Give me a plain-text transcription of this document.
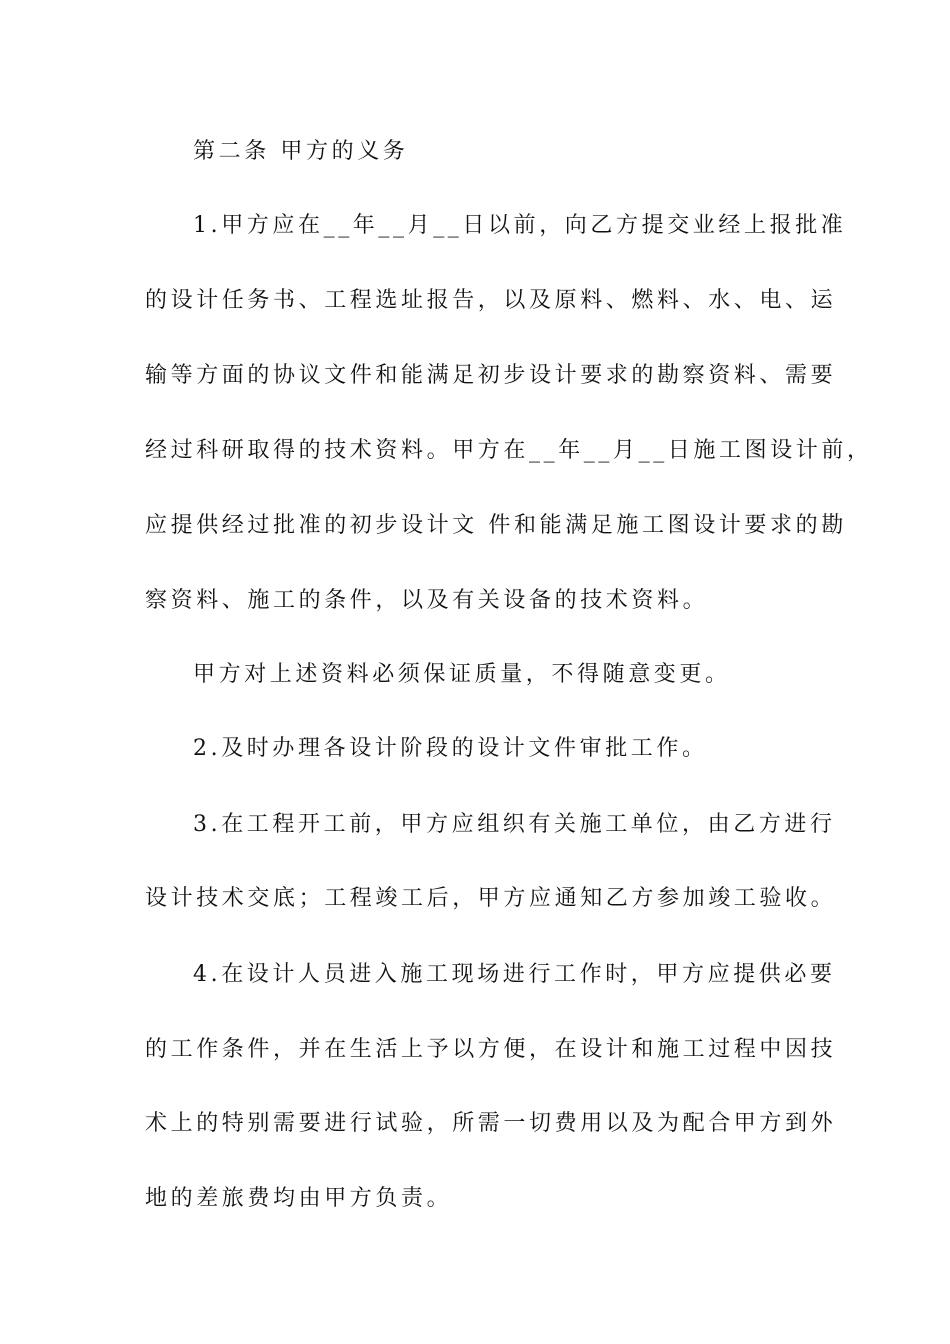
第二条 甲方的义务
1.甲方应在__年__月__日以前，向乙方提交业经上报批准
的设计任务书、工程选址报告，以及原料、燃料、水、电、运
输等方面的协议文件和能满足初步设计要求的勘察资料、需要
经过科研取得的技术资料。甲方在__年__月__日施工图设计前，
应提供经过批准的初步设计文 件和能满足施工图设计要求的勘
察资料、施工的条件，以及有关设备的技术资料。
甲方对上述资料必须保证质量，不得随意变更。
2.及时办理各设计阶段的设计文件审批工作。
3.在工程开工前，甲方应组织有关施工单位，由乙方进行
设计技术交底；工程竣工后，甲方应通知乙方参加竣工验收。
4.在设计人员进入施工现场进行工作时，甲方应提供必要
的工作条件，并在生活上予以方便，在设计和施工过程中因技
术上的特别需要进行试验，所需一切费用以及为配合甲方到外
地的差旅费均由甲方负责。
